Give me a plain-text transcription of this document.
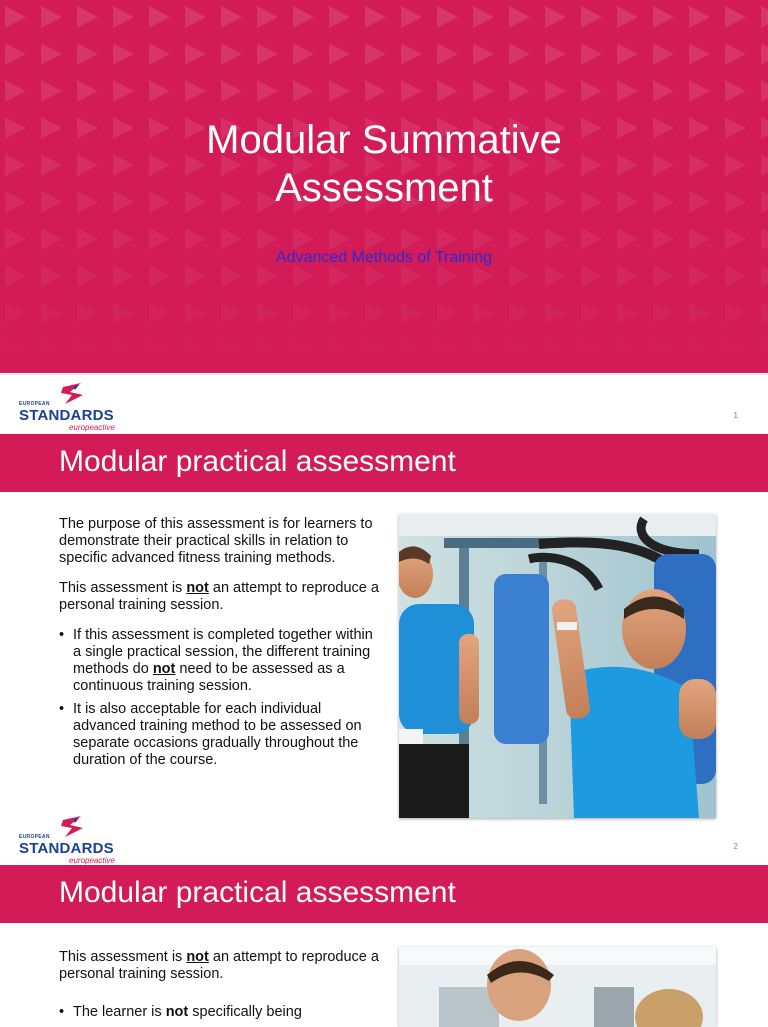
Modular Summative
Assessment
Advanced Methods of Training
EUROPEAN
STANDARDS
europeactive
1
Modular practical assessment

The purpose of this assessment is for learners to demonstrate their practical skills in relation to specific advanced fitness training methods.

This assessment is not an attempt to reproduce a personal training session.

• If this assessment is completed together within a single practical session, the different training methods do not need to be assessed as a continuous training session.
• It is also acceptable for each individual advanced training method to be assessed on separate occasions gradually throughout the duration of the course.
Modular practical assessment

This assessment is not an attempt to reproduce a personal training session.

• The learner is not specifically being
EUROPEAN
STANDARDS
europeactive
2
